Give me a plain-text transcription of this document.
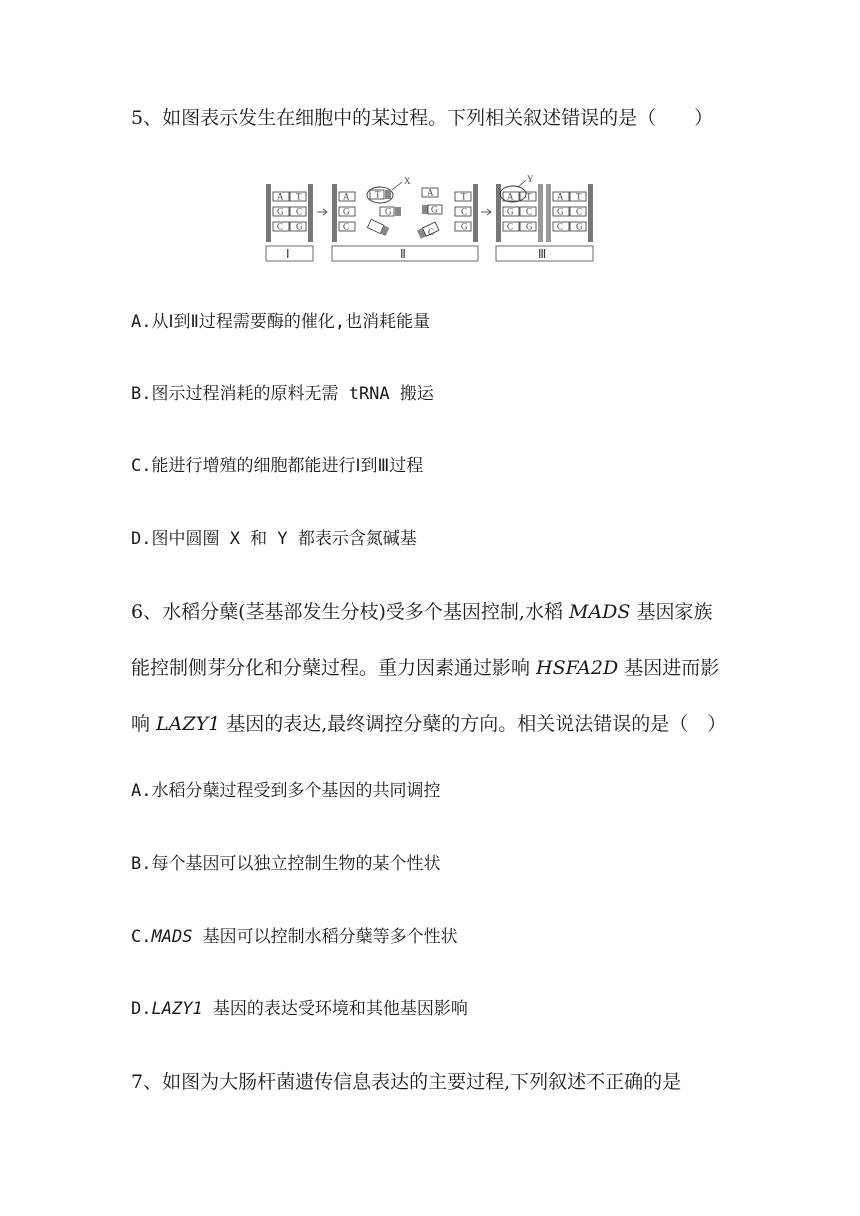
5、如图表示发生在细胞中的某过程。下列相关叙述错误的是（　　）
A T
G C
C G
A
G
C
T
X
G
A
G
C
T
C
G
Y
A T
G C
C G
A T
G C
C G
Ⅰ	Ⅱ	Ⅲ
A.从Ⅰ到Ⅱ过程需要酶的催化,也消耗能量
B.图示过程消耗的原料无需 tRNA 搬运
C.能进行增殖的细胞都能进行Ⅰ到Ⅲ过程
D.图中圆圈 X 和 Y 都表示含氮碱基
6、水稻分蘖(茎基部发生分枝)受多个基因控制,水稻 MADS 基因家族
能控制侧芽分化和分蘖过程。重力因素通过影响 HSFA2D 基因进而影
响 LAZY1 基因的表达,最终调控分蘖的方向。相关说法错误的是（　）
A.水稻分蘖过程受到多个基因的共同调控
B.每个基因可以独立控制生物的某个性状
C.MADS 基因可以控制水稻分蘖等多个性状
D.LAZY1 基因的表达受环境和其他基因影响
7、如图为大肠杆菌遗传信息表达的主要过程,下列叙述不正确的是
